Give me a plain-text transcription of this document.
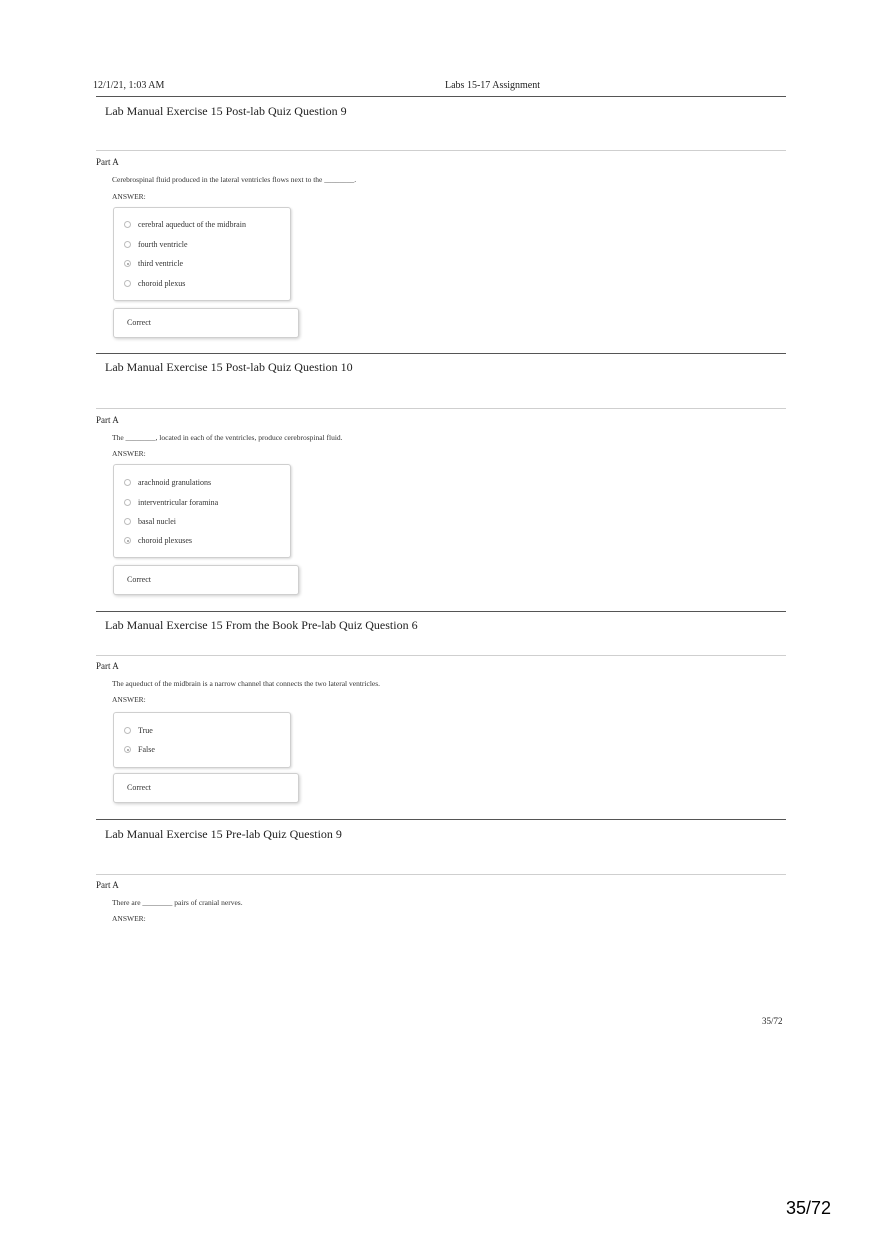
12/1/21, 1:03 AM	Labs 15-17 Assignment
Lab Manual Exercise 15 Post-lab Quiz Question 9
Part A
Cerebrospinal fluid produced in the lateral ventricles flows next to the ________.
ANSWER:
cerebral aqueduct of the midbrain
fourth ventricle
third ventricle
choroid plexus
Correct
Lab Manual Exercise 15 Post-lab Quiz Question 10
Part A
The ________, located in each of the ventricles, produce cerebrospinal fluid.
ANSWER:
arachnoid granulations
interventricular foramina
basal nuclei
choroid plexuses
Correct
Lab Manual Exercise 15 From the Book Pre-lab Quiz Question 6
Part A
The aqueduct of the midbrain is a narrow channel that connects the two lateral ventricles.
ANSWER:
True
False
Correct
Lab Manual Exercise 15 Pre-lab Quiz Question 9
Part A
There are ________ pairs of cranial nerves.
ANSWER:
35/72
35/72
